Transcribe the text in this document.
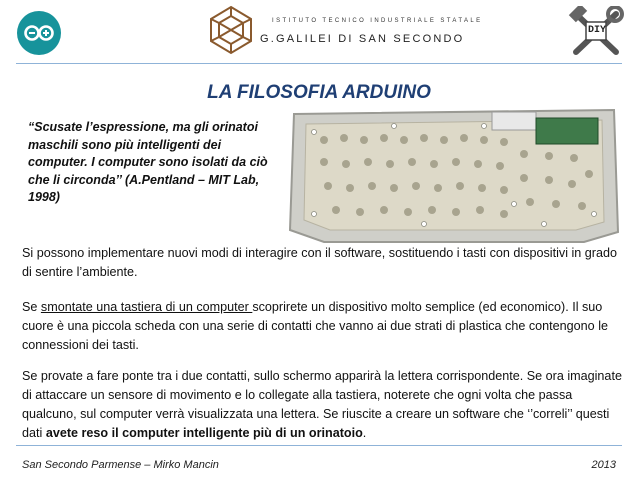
ISTITUTO TECNICO INDUSTRIALE STATALE
G.GALILEI DI SAN SECONDO
DIY
LA FILOSOFIA ARDUINO
“Scusate l’espressione, ma gli orinatoi maschili sono più intelligenti dei computer. I computer sono isolati da ciò che li circonda’’ (A.Pentland – MIT Lab, 1998)

Si possono implementare nuovi modi di interagire con il software, sostituendo i tasti con dispositivi in grado di sentire l’ambiente.

Se smontate una tastiera di un computer scoprirete un dispositivo molto semplice (ed economico). Il suo cuore è una piccola scheda con una serie di contatti che vanno ai due strati di plastica che contengono le connessioni dei tasti.

Se provate a fare ponte tra i due contatti, sullo schermo apparirà la lettera corrispondente. Se ora imaginate di attaccare un sensore di movimento e lo collegate alla tastiera, noterete che ogni volta che passa qualcuno, sul computer verrà visualizzata una lettera. Se riuscite a creare un software che ‘’correli’’ questi dati avete reso il computer intelligente più di un orinatoio.

San Secondo Parmense – Mirko Mancin	2013
